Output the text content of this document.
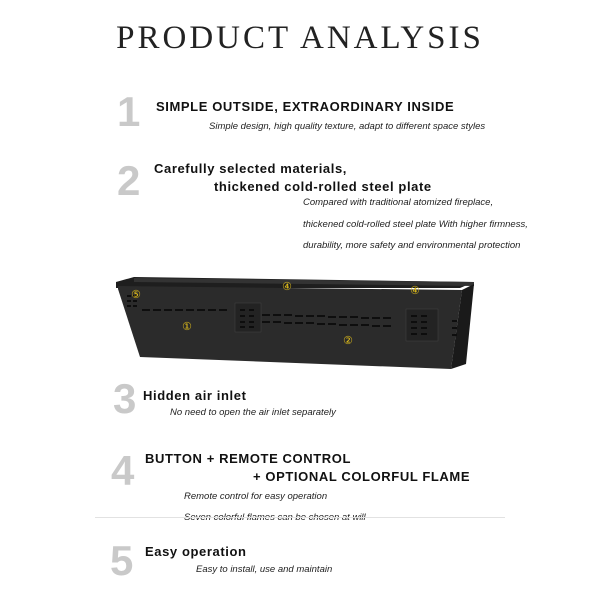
PRODUCT ANALYSIS
1 SIMPLE OUTSIDE, EXTRAORDINARY INSIDE
Simple design, high quality texture, adapt to different space styles
2 Carefully selected materials,
thickened cold-rolled steel plate
Compared with traditional atomized fireplace,
thickened cold-rolled steel plate With higher firmness,
durability, more safety and environmental protection
⑤
④	④
①
②
3 Hidden air inlet
No need to open the air inlet separately
4 BUTTON + REMOTE CONTROL
+ OPTIONAL COLORFUL FLAME
Remote control for easy operation
5 Easy operation
Easy to install, use and maintain
